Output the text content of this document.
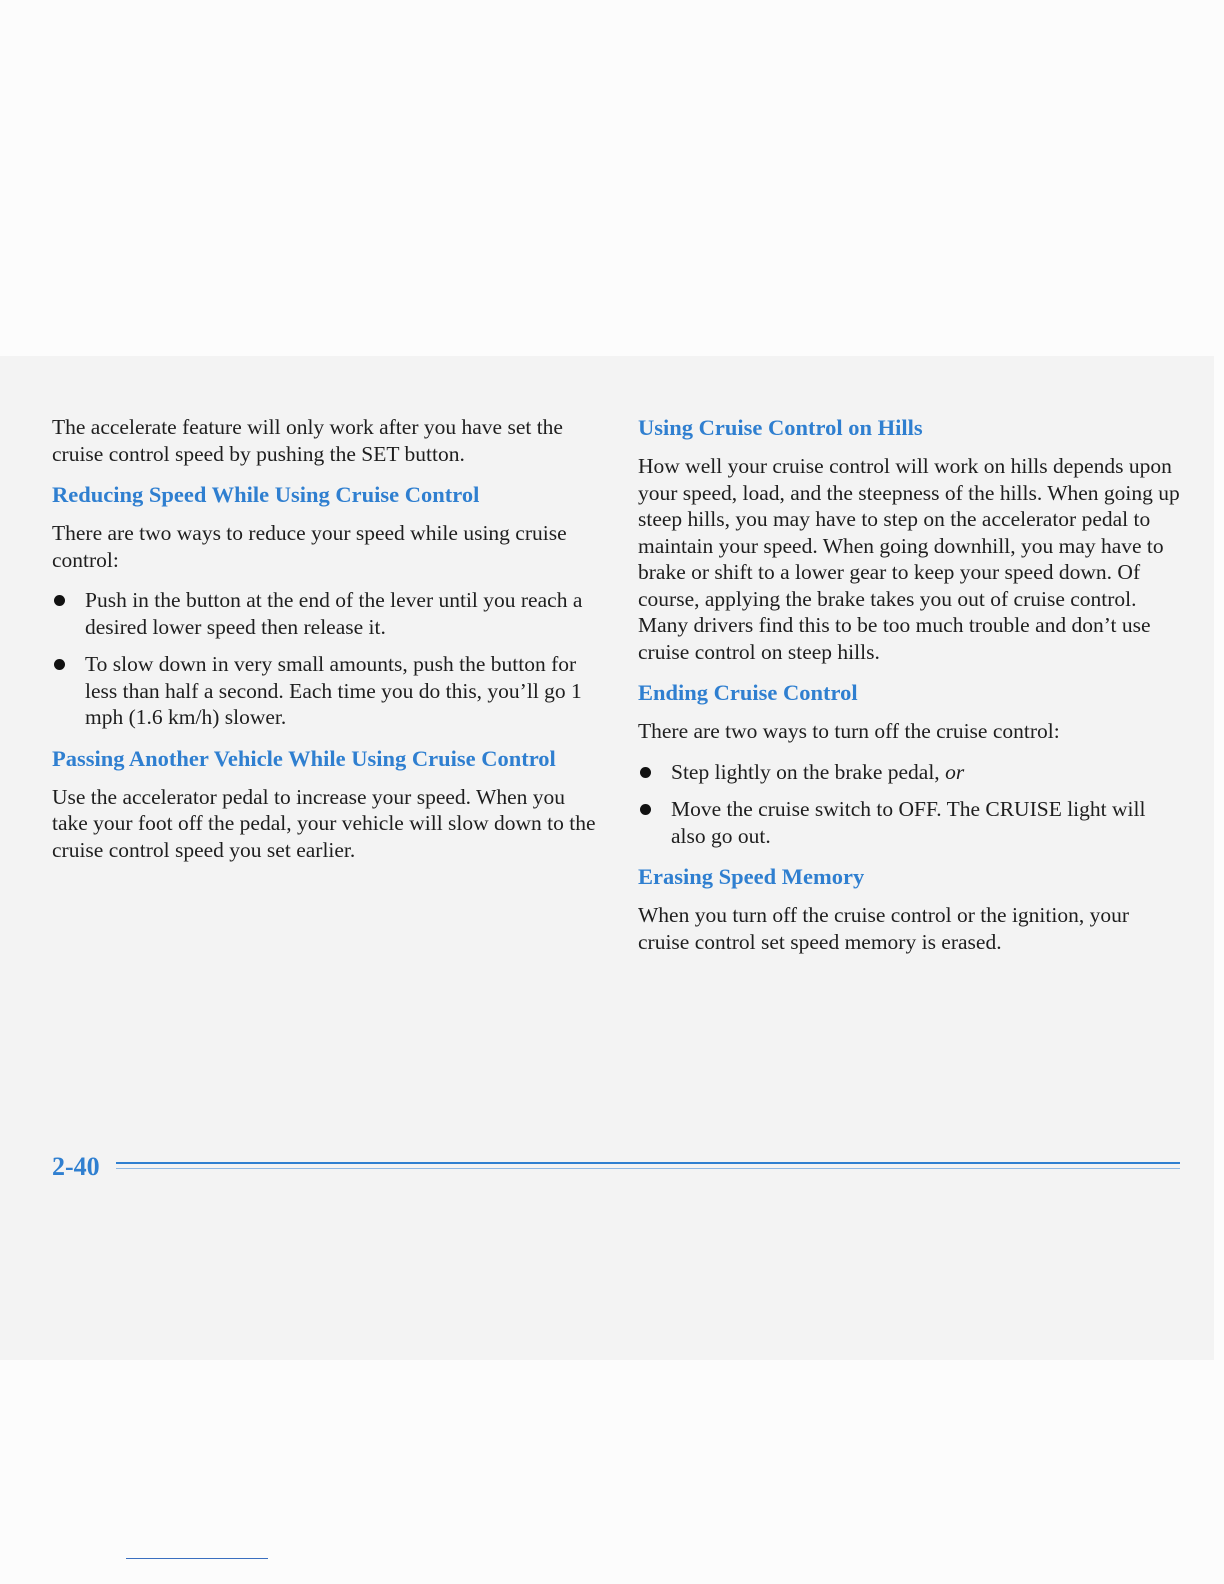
The accelerate feature will only work after you have set the cruise control speed by pushing the SET button.

Reducing Speed While Using Cruise Control

There are two ways to reduce your speed while using cruise control:

Push in the button at the end of the lever until you reach a desired lower speed then release it.
To slow down in very small amounts, push the button for less than half a second. Each time you do this, you’ll go 1 mph (1.6 km/h) slower.
Passing Another Vehicle While Using Cruise Control

Use the accelerator pedal to increase your speed. When you take your foot off the pedal, your vehicle will slow down to the cruise control speed you set earlier.

Using Cruise Control on Hills

How well your cruise control will work on hills depends upon your speed, load, and the steepness of the hills. When going up steep hills, you may have to step on the accelerator pedal to maintain your speed. When going downhill, you may have to brake or shift to a lower gear to keep your speed down. Of course, applying the brake takes you out of cruise control. Many drivers find this to be too much trouble and don’t use cruise control on steep hills.

Ending Cruise Control

There are two ways to turn off the cruise control:

Step lightly on the brake pedal, or
Move the cruise switch to OFF. The CRUISE light will also go out.
Erasing Speed Memory

When you turn off the cruise control or the ignition, your cruise control set speed memory is erased.

2-40
